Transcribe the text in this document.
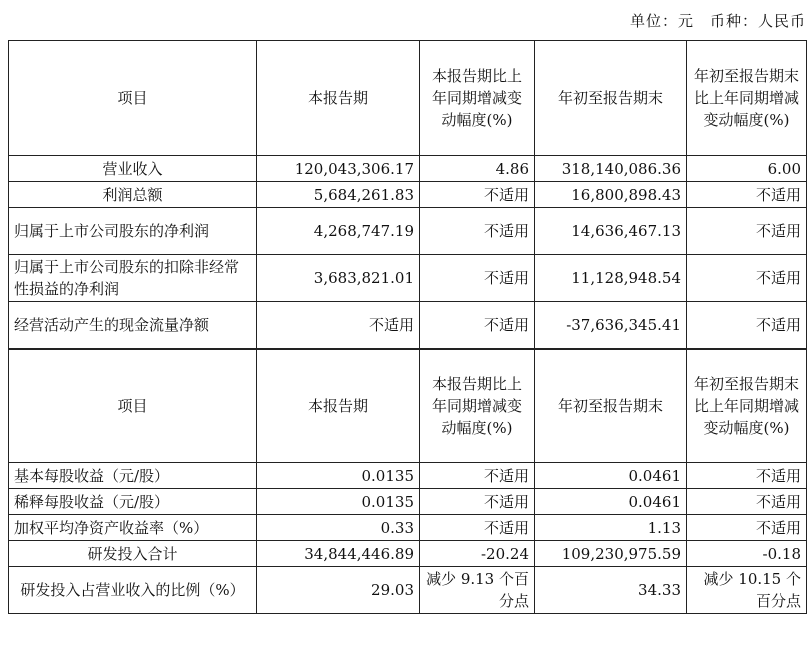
单位：元　币种：人民币
项目	本报告期	本报告期比上年同期增减变动幅度(%)	年初至报告期末	年初至报告期末比上年同期增减变动幅度(%)
营业收入	120,043,306.17	4.86	318,140,086.36	6.00
利润总额	5,684,261.83	不适用	16,800,898.43	不适用
归属于上市公司股东的净利润	4,268,747.19	不适用	14,636,467.13	不适用
归属于上市公司股东的扣除非经常性损益的净利润	3,683,821.01	不适用	11,128,948.54	不适用
经营活动产生的现金流量净额	不适用	不适用	-37,636,345.41	不适用
项目	本报告期	本报告期比上年同期增减变动幅度(%)	年初至报告期末	年初至报告期末比上年同期增减变动幅度(%)
基本每股收益（元/股）	0.0135	不适用	0.0461	不适用
稀释每股收益（元/股）	0.0135	不适用	0.0461	不适用
加权平均净资产收益率（%）	0.33	不适用	1.13	不适用
研发投入合计	34,844,446.89	-20.24	109,230,975.59	-0.18
研发投入占营业收入的比例（%）	29.03	减少 9.13 个百分点	34.33	减少 10.15 个百分点
